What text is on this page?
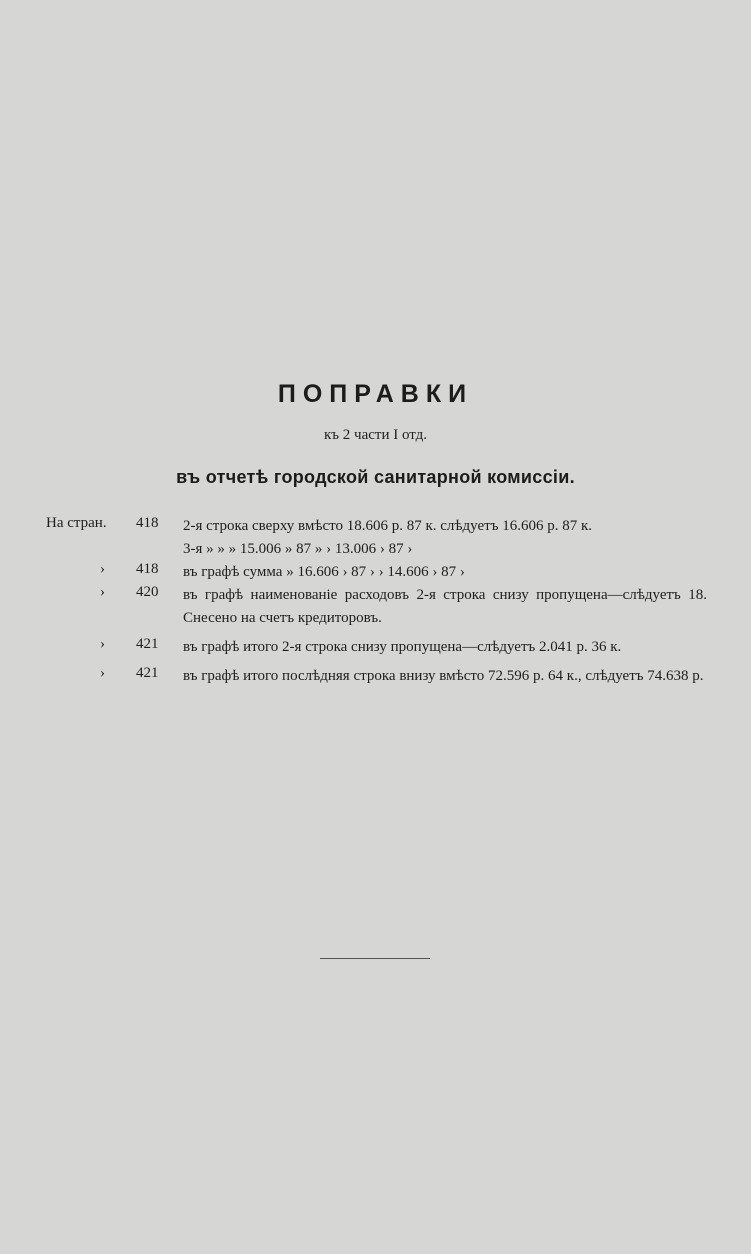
ПОПРАВКИ
къ 2 части I отд.
въ отчетѣ городской санитарной комиссіи.
На стран. 418 2-я строка сверху вмѣсто 18.606 р. 87 к. слѣдуетъ 16.606 р. 87 к.
3-я » » » 15.006 » 87 » › 13.006 › 87 ›
› 418 въ графѣ сумма » 16.606 › 87 › › 14.606 › 87 ›
› 420 въ графѣ наименованіе расходовъ 2-я строка снизу пропущена—слѣдуетъ 18. Снесено на счетъ кредиторовъ.
› 421 въ графѣ итого 2-я строка снизу пропущена—слѣдуетъ 2.041 р. 36 к.
› 421 въ графѣ итого послѣдняя строка внизу вмѣсто 72.596 р. 64 к., слѣдуетъ 74.638 р.
